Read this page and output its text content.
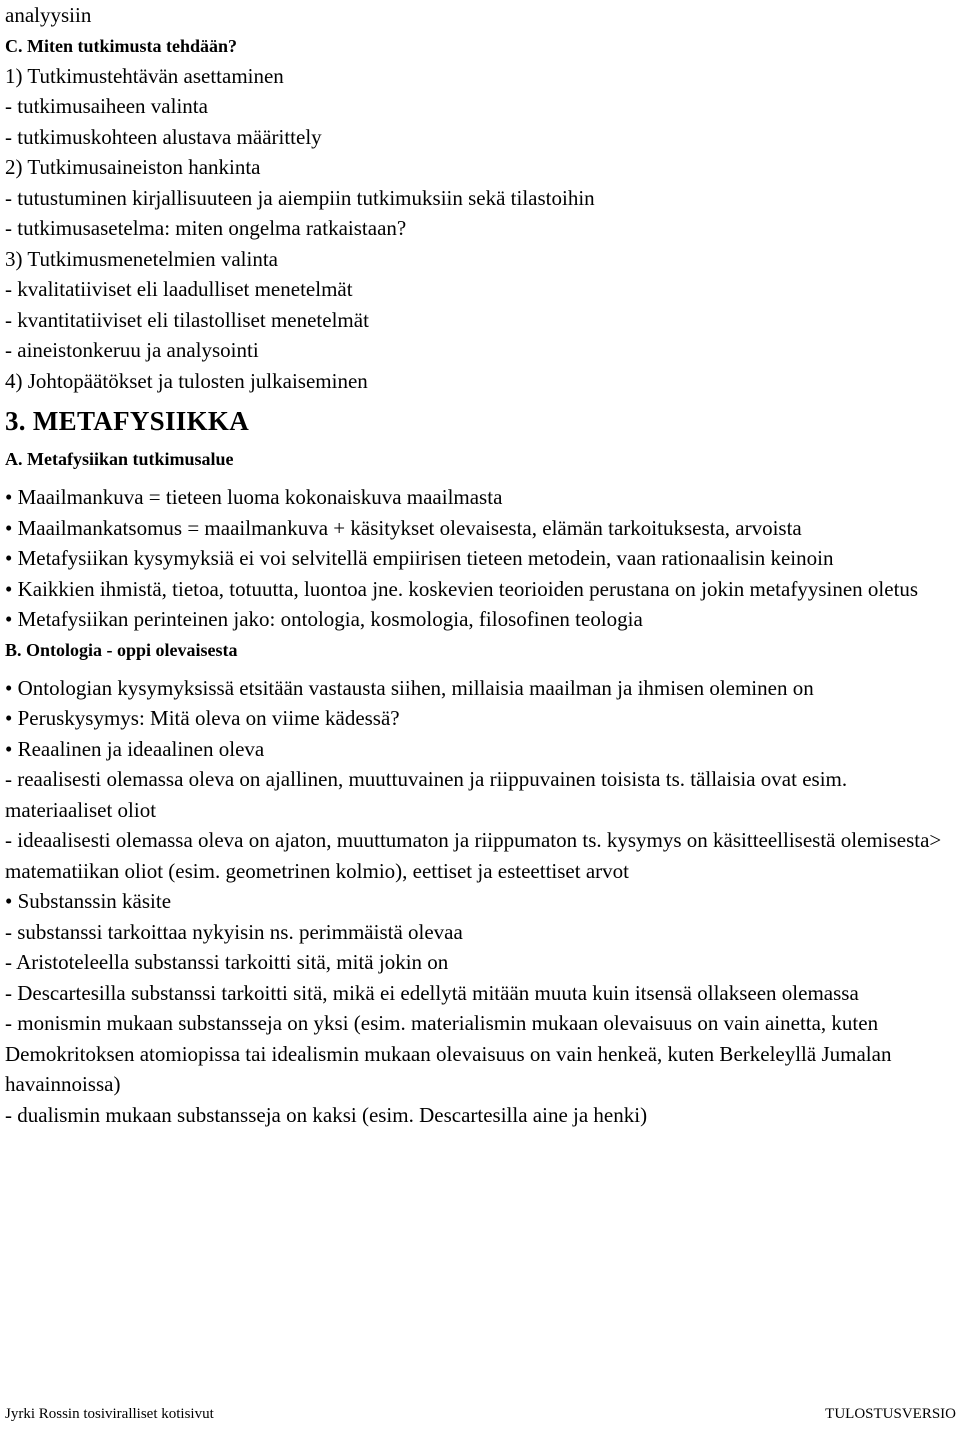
analyysiin
C. Miten tutkimusta tehdään?
1) Tutkimustehtävän asettaminen
- tutkimusaiheen valinta
- tutkimuskohteen alustava määrittely
2) Tutkimusaineiston hankinta
- tutustuminen kirjallisuuteen ja aiempiin tutkimuksiin sekä tilastoihin
- tutkimusasetelma: miten ongelma ratkaistaan?
3) Tutkimusmenetelmien valinta
- kvalitatiiviset eli laadulliset menetelmät
- kvantitatiiviset eli tilastolliset menetelmät
- aineistonkeruu ja analysointi
4) Johtopäätökset ja tulosten julkaiseminen
3. METAFYSIIKKA
A. Metafysiikan tutkimusalue
• Maailmankuva = tieteen luoma kokonaiskuva maailmasta
• Maailmankatsomus = maailmankuva + käsitykset olevaisesta, elämän tarkoituksesta, arvoista
• Metafysiikan kysymyksiä ei voi selvitellä empiirisen tieteen metodein, vaan rationaalisin keinoin
• Kaikkien ihmistä, tietoa, totuutta, luontoa jne. koskevien teorioiden perustana on jokin metafyysinen oletus
• Metafysiikan perinteinen jako: ontologia, kosmologia, filosofinen teologia
B. Ontologia - oppi olevaisesta
• Ontologian kysymyksissä etsitään vastausta siihen, millaisia maailman ja ihmisen oleminen on
• Peruskysymys: Mitä oleva on viime kädessä?
• Reaalinen ja ideaalinen oleva
- reaalisesti olemassa oleva on ajallinen, muuttuvainen ja riippuvainen toisista ts. tällaisia ovat esim. materiaaliset oliot
- ideaalisesti olemassa oleva on ajaton, muuttumaton ja riippumaton ts. kysymys on käsitteellisestä olemisesta> matematiikan oliot (esim. geometrinen kolmio), eettiset ja esteettiset arvot
• Substanssin käsite
- substanssi tarkoittaa nykyisin ns. perimmäistä olevaa
- Aristoteleella substanssi tarkoitti sitä, mitä jokin on
- Descartesilla substanssi tarkoitti sitä, mikä ei edellytä mitään muuta kuin itsensä ollakseen olemassa
- monismin mukaan substansseja on yksi (esim. materialismin mukaan olevaisuus on vain ainetta, kuten Demokritoksen atomiopissa tai idealismin mukaan olevaisuus on vain henkeä, kuten Berkeleyllä Jumalan havainnoissa)
- dualismin mukaan substansseja on kaksi (esim. Descartesilla aine ja henki)
Jyrki Rossin tosiviralliset kotisivut	TULOSTUSVERSIO
